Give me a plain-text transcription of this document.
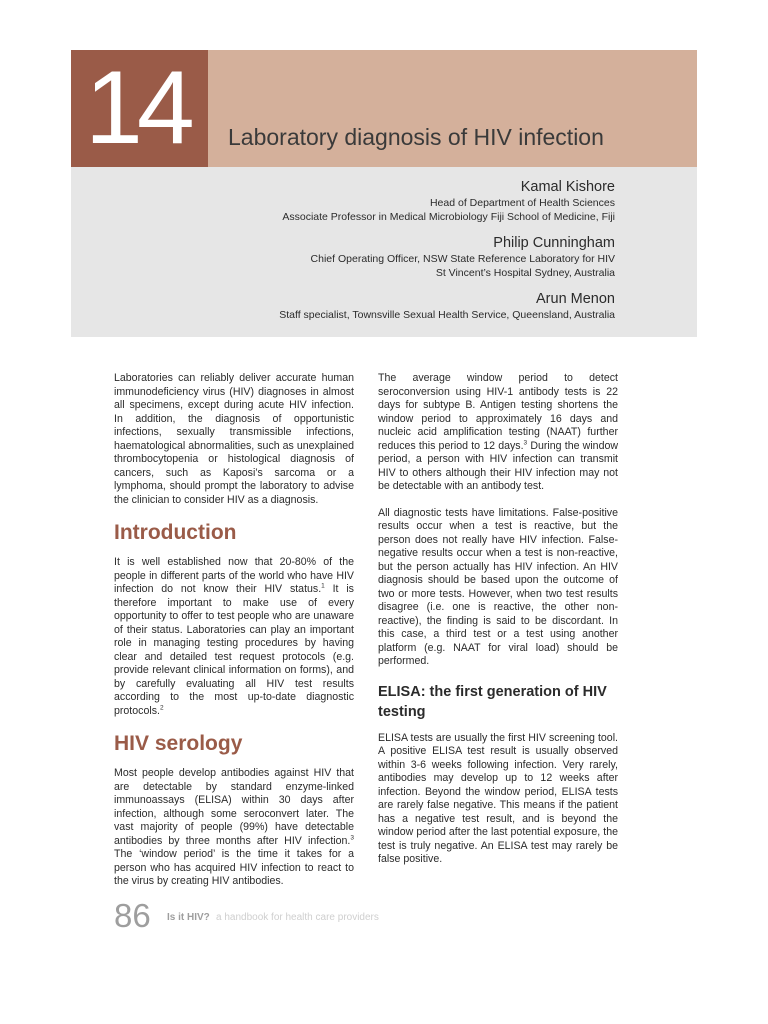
14 Laboratory diagnosis of HIV infection
Kamal Kishore
Head of Department of Health Sciences
Associate Professor in Medical Microbiology Fiji School of Medicine, Fiji
Philip Cunningham
Chief Operating Officer, NSW State Reference Laboratory for HIV
St Vincent’s Hospital Sydney, Australia
Arun Menon
Staff specialist, Townsville Sexual Health Service, Queensland, Australia

Laboratories can reliably deliver accurate human immunodeficiency virus (HIV) diagnoses in almost all specimens, except during acute HIV infection. In addition, the diagnosis of opportunistic infections, sexually transmissible infections, haematological abnormalities, such as unexplained thrombocytopenia or histological diagnosis of cancers, such as Kaposi’s sarcoma or a lymphoma, should prompt the laboratory to advise the clinician to consider HIV as a diagnosis.

Introduction

It is well established now that 20-80% of the people in different parts of the world who have HIV infection do not know their HIV status.$^1$ It is therefore important to make use of every opportunity to offer to test people who are unaware of their status. Laboratories can play an important role in managing testing procedures by having clear and detailed test request protocols (e.g. provide relevant clinical information on forms), and by carefully evaluating all HIV test results according to the most up-to-date diagnostic protocols.$^2$

HIV serology

Most people develop antibodies against HIV that are detectable by standard enzyme-linked immunoassays (ELISA) within 30 days after infection, although some seroconvert later. The vast majority of people (99%) have detectable antibodies by three months after HIV infection.$^3$ The ‘window period’ is the time it takes for a person who has acquired HIV infection to react to the virus by creating HIV antibodies.

The average window period to detect seroconversion using HIV-1 antibody tests is 22 days for subtype B. Antigen testing shortens the window period to approximately 16 days and nucleic acid amplification testing (NAAT) further reduces this period to 12 days.$^3$ During the window period, a person with HIV infection can transmit HIV to others although their HIV infection may not be detectable with an antibody test.

All diagnostic tests have limitations. False-positive results occur when a test is reactive, but the person does not really have HIV infection. False-negative results occur when a test is non-reactive, but the person actually has HIV infection. An HIV diagnosis should be based upon the outcome of two or more tests. However, when two test results disagree (i.e. one is reactive, the other non-reactive), the finding is said to be discordant. In this case, a third test or a test using another platform (e.g. NAAT for viral load) should be performed.

ELISA: the first generation of HIV testing

ELISA tests are usually the first HIV screening tool. A positive ELISA test result is usually observed within 3-6 weeks following infection. Very rarely, antibodies may develop up to 12 weeks after infection. Beyond the window period, ELISA tests are rarely false negative. This means if the patient has a negative test result, and is beyond the window period after the last potential exposure, the test is truly negative. An ELISA test may rarely be false positive.

86 Is it HIV? a handbook for health care providers
